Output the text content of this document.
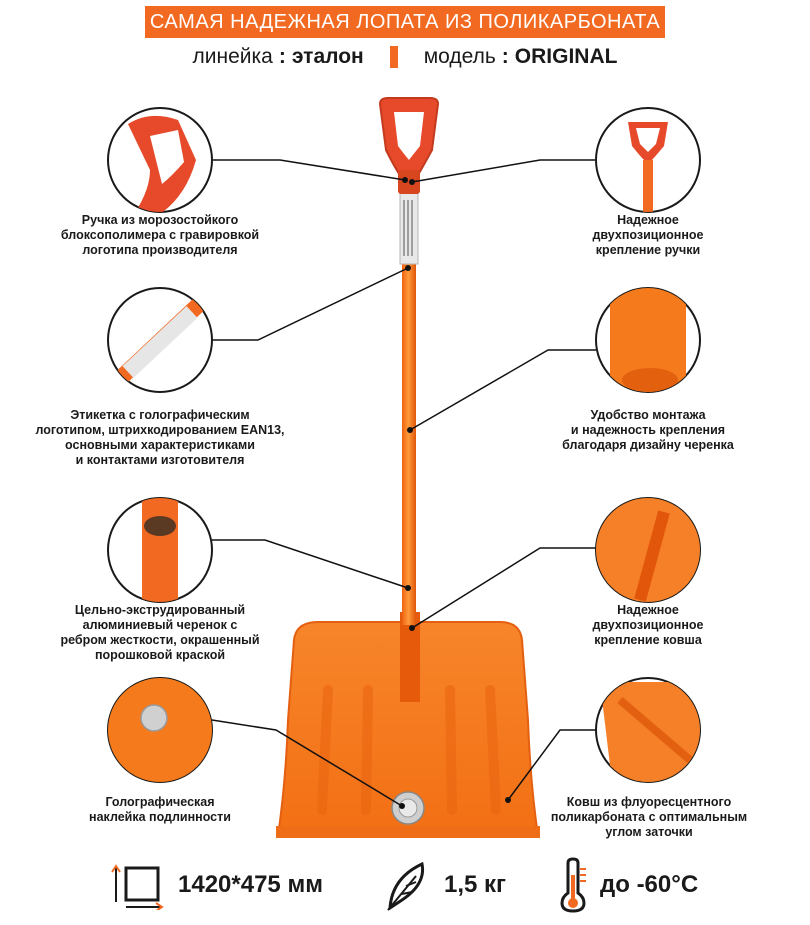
САМАЯ НАДЕЖНАЯ ЛОПАТА ИЗ ПОЛИКАРБОНАТА
линейка : эталон	модель : ORIGINAL
Ручка из морозостойкого
блоксополимера с гравировкой
логотипа производителя
Этикетка с голографическим
логотипом, штрихкодированием EAN13,
основными характеристиками
и контактами изготовителя
Цельно-экструдированный
алюминиевый черенок с
ребром жесткости, окрашенный
порошковой краской
Голографическая
наклейка подлинности
Надежное
двухпозиционное
крепление ручки
Удобство монтажа
и надежность крепления
благодаря дизайну черенка
Надежное
двухпозиционное
крепление ковша
Ковш из флуоресцентного
поликарбоната с оптимальным
углом заточки
1420*475 мм	1,5 кг	до -60°C
